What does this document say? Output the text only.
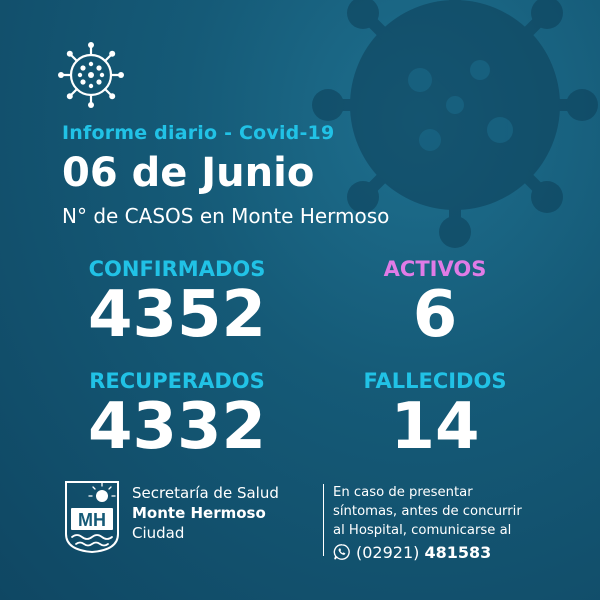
Informe diario - Covid-19
06 de Junio
N° de CASOS en Monte Hermoso
CONFIRMADOS
4352
ACTIVOS
6
RECUPERADOS
4332
FALLECIDOS
14
MH
Secretaría de Salud
Monte Hermoso
Ciudad
En caso de presentar
síntomas, antes de concurrir
al Hospital, comunicarse al
(02921) 481583
